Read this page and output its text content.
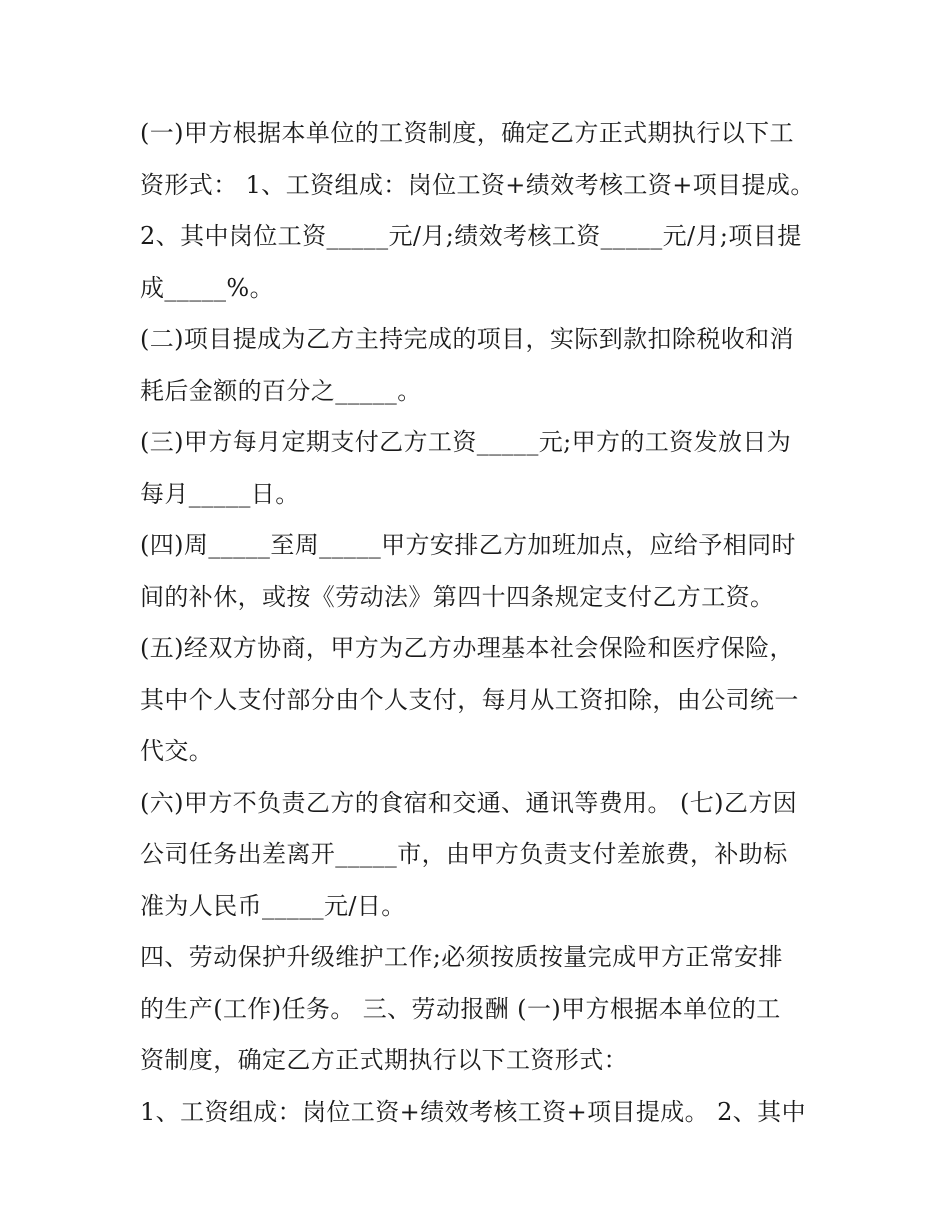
(一)甲方根据本单位的工资制度，确定乙方正式期执行以下工
资形式： 1、工资组成：岗位工资+绩效考核工资+项目提成。
2、其中岗位工资_____元/月;绩效考核工资_____元/月;项目提
成_____%。
(二)项目提成为乙方主持完成的项目，实际到款扣除税收和消
耗后金额的百分之_____。
(三)甲方每月定期支付乙方工资_____元;甲方的工资发放日为
每月_____日。
(四)周_____至周_____甲方安排乙方加班加点，应给予相同时
间的补休，或按《劳动法》第四十四条规定支付乙方工资。
(五)经双方协商，甲方为乙方办理基本社会保险和医疗保险，
其中个人支付部分由个人支付，每月从工资扣除，由公司统一
代交。
(六)甲方不负责乙方的食宿和交通、通讯等费用。 (七)乙方因
公司任务出差离开_____市，由甲方负责支付差旅费，补助标
准为人民币_____元/日。
四、劳动保护升级维护工作;必须按质按量完成甲方正常安排
的生产(工作)任务。 三、劳动报酬 (一)甲方根据本单位的工
资制度，确定乙方正式期执行以下工资形式：
1、工资组成：岗位工资+绩效考核工资+项目提成。 2、其中
